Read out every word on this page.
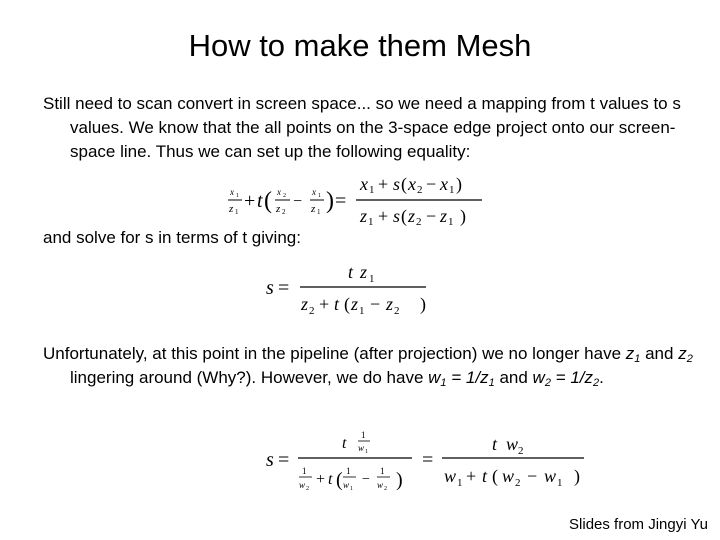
How to make them Mesh
Still need to scan convert in screen space... so we need a mapping from t values to s values. We know that the all points on the 3-space edge project onto our screen-space line. Thus we can set up the following equality:
x 1
z 1 + t ( x 2
z 2
−
x 1
z 1 ) =
x 1 + s ( x 2 − x 1 )
z 1 + s ( z 2 − z 1 )
and solve for s in terms of t giving:
s =
t z 1
z 2 + t ( z 1 − z 2 )
Unfortunately, at this point in the pipeline (after projection) we no longer have $z_1$ and $z_2$ lingering around (Why?). However, we do have $w_1 = 1/z_1$ and $w_2 = 1/z_2$.
s =
t 1
w 1
1
w 2
+ t ( 1
w 1
−
1
w 2 )
=
t w 2
w 1 + t ( w 2 − w 1 )
Slides from Jingyi Yu
